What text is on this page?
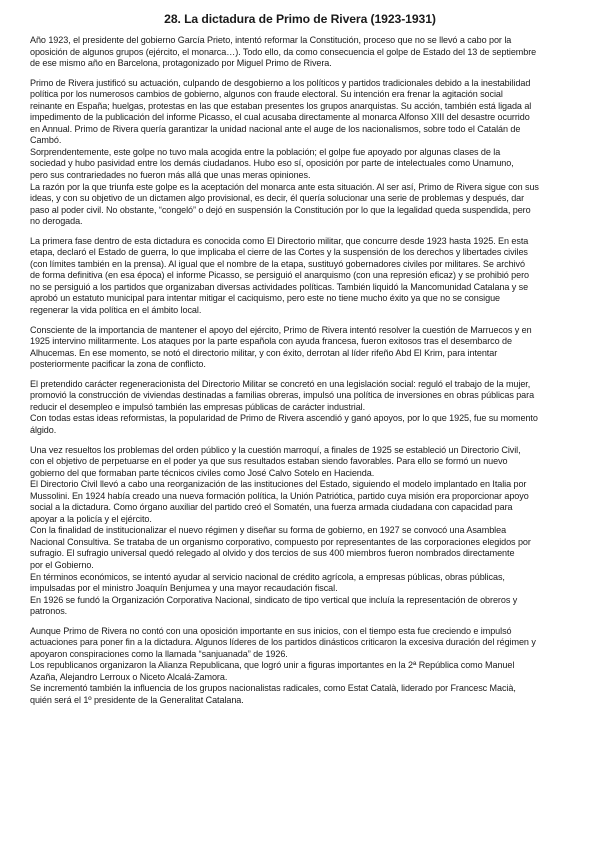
28. La dictadura de Primo de Rivera (1923-1931)

Año 1923, el presidente del gobierno García Prieto, intentó reformar la Constitución, proceso que no se llevó a cabo por la
oposición de algunos grupos (ejército, el monarca…). Todo ello, da como consecuencia el golpe de Estado del 13 de septiembre
de ese mismo año en Barcelona, protagonizado por Miguel Primo de Rivera.

Primo de Rivera justificó su actuación, culpando de desgobierno a los políticos y partidos tradicionales debido a la inestabilidad
política por los numerosos cambios de gobierno, algunos con fraude electoral. Su intención era frenar la agitación social
reinante en España; huelgas, protestas en las que estaban presentes los grupos anarquistas. Su acción, también está ligada al
impedimento de la publicación del informe Picasso, el cual acusaba directamente al monarca Alfonso XIII del desastre ocurrido
en Annual. Primo de Rivera quería garantizar la unidad nacional ante el auge de los nacionalismos, sobre todo el Catalán de
Cambó.
Sorprendentemente, este golpe no tuvo mala acogida entre la población; el golpe fue apoyado por algunas clases de la
sociedad y hubo pasividad entre los demás ciudadanos. Hubo eso sí, oposición por parte de intelectuales como Unamuno,
pero sus contrariedades no fueron más allá que unas meras opiniones.
La razón por la que triunfa este golpe es la aceptación del monarca ante esta situación. Al ser así, Primo de Rivera sigue con sus
ideas, y con su objetivo de un dictamen algo provisional, es decir, él quería solucionar una serie de problemas y después, dar
paso al poder civil. No obstante, “congeló” o dejó en suspensión la Constitución por lo que la legalidad queda suspendida, pero
no derogada.

La primera fase dentro de esta dictadura es conocida como El Directorio militar, que concurre desde 1923 hasta 1925. En esta
etapa, declaró el Estado de guerra, lo que implicaba el cierre de las Cortes y la suspensión de los derechos y libertades civiles
(con límites también en la prensa). Al igual que el nombre de la etapa, sustituyó gobernadores civiles por militares. Se archivó
de forma definitiva (en esa época) el informe Picasso, se persiguió el anarquismo (con una represión eficaz) y se prohibió pero
no se persiguió a los partidos que organizaban diversas actividades políticas. También liquidó la Mancomunidad Catalana y se
aprobó un estatuto municipal para intentar mitigar el caciquismo, pero este no tiene mucho éxito ya que no se consigue
regenerar la vida política en el ámbito local.

Consciente de la importancia de mantener el apoyo del ejército, Primo de Rivera intentó resolver la cuestión de Marruecos y en
1925 intervino militarmente. Los ataques por la parte española con ayuda francesa, fueron exitosos tras el desembarco de
Alhucemas. En ese momento, se notó el directorio militar, y con éxito, derrotan al líder rifeño Abd El Krim, para intentar
posteriormente pacificar la zona de conflicto.

El pretendido carácter regeneracionista del Directorio Militar se concretó en una legislación social: reguló el trabajo de la mujer,
promovió la construcción de viviendas destinadas a familias obreras, impulsó una política de inversiones en obras públicas para
reducir el desempleo e impulsó también las empresas públicas de carácter industrial.
Con todas estas ideas reformistas, la popularidad de Primo de Rivera ascendió y ganó apoyos, por lo que 1925, fue su momento
álgido.

Una vez resueltos los problemas del orden público y la cuestión marroquí, a finales de 1925 se estableció un Directorio Civil,
con el objetivo de perpetuarse en el poder ya que sus resultados estaban siendo favorables. Para ello se formó un nuevo
gobierno del que formaban parte técnicos civiles como José Calvo Sotelo en Hacienda.
El Directorio Civil llevó a cabo una reorganización de las instituciones del Estado, siguiendo el modelo implantado en Italia por
Mussolini. En 1924 había creado una nueva formación política, la Unión Patriótica, partido cuya misión era proporcionar apoyo
social a la dictadura. Como órgano auxiliar del partido creó el Somatén, una fuerza armada ciudadana con capacidad para
apoyar a la policía y el ejército.
Con la finalidad de institucionalizar el nuevo régimen y diseñar su forma de gobierno, en 1927 se convocó una Asamblea
Nacional Consultiva. Se trataba de un organismo corporativo, compuesto por representantes de las corporaciones elegidos por
sufragio. El sufragio universal quedó relegado al olvido y dos tercios de sus 400 miembros fueron nombrados directamente
por el Gobierno.
En términos económicos, se intentó ayudar al servicio nacional de crédito agrícola, a empresas públicas, obras públicas,
impulsadas por el ministro Joaquín Benjumea y una mayor recaudación fiscal.
En 1926 se fundó la Organización Corporativa Nacional, sindicato de tipo vertical que incluía la representación de obreros y
patronos.

Aunque Primo de Rivera no contó con una oposición importante en sus inicios, con el tiempo esta fue creciendo e impulsó
actuaciones para poner fin a la dictadura. Algunos líderes de los partidos dinásticos criticaron la excesiva duración del régimen y
apoyaron conspiraciones como la llamada “sanjuanada” de 1926.
Los republicanos organizaron la Alianza Republicana, que logró unir a figuras importantes en la 2ª República como Manuel
Azaña, Alejandro Lerroux o Niceto Alcalá-Zamora.
Se incrementó también la influencia de los grupos nacionalistas radicales, como Estat Català, liderado por Francesc Macià,
quién será el 1º presidente de la Generalitat Catalana.
